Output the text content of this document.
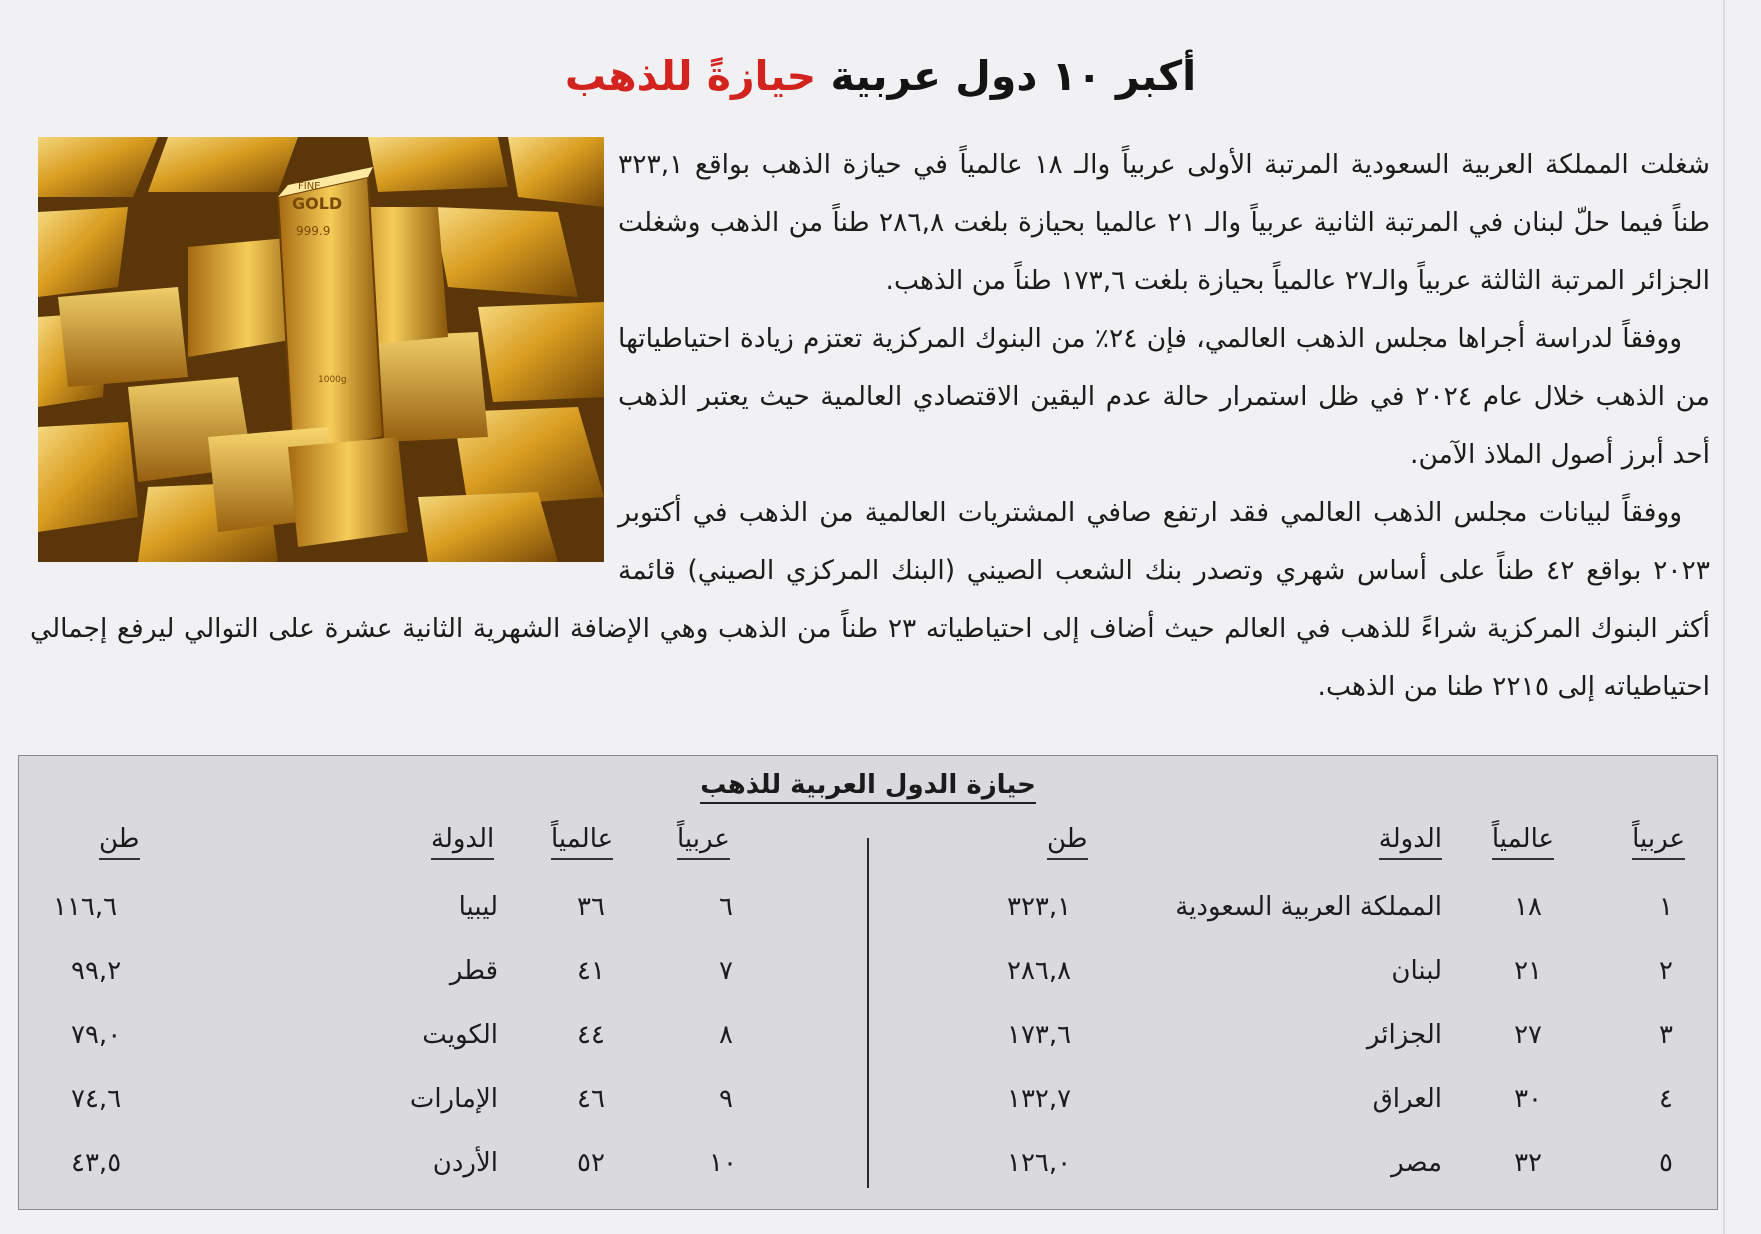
أكبر ١٠ دول عربية حيازةً للذهب
FINE
GOLD
999.9
1000g

شغلت المملكة العربية السعودية المرتبة الأولى عربياً والـ ١٨ عالمياً في حيازة الذهب بواقع ٣٢٣,١ طناً فيما حلّ لبنان في المرتبة الثانية عربياً والـ ٢١ عالميا بحيازة بلغت ٢٨٦,٨ طناً من الذهب وشغلت الجزائر المرتبة الثالثة عربياً والـ٢٧ عالمياً بحيازة بلغت ١٧٣,٦ طناً من الذهب.

ووفقاً لدراسة أجراها مجلس الذهب العالمي، فإن ٢٤٪ من البنوك المركزية تعتزم زيادة احتياطياتها من الذهب خلال عام ٢٠٢٤ في ظل استمرار حالة عدم اليقين الاقتصادي العالمية حيث يعتبر الذهب أحد أبرز أصول الملاذ الآمن.

ووفقاً لبيانات مجلس الذهب العالمي فقد ارتفع صافي المشتريات العالمية من الذهب في أكتوبر ٢٠٢٣ بواقع ٤٢ طناً على أساس شهري وتصدر بنك الشعب الصيني (البنك المركزي الصيني) قائمة أكثر البنوك المركزية شراءً للذهب في العالم حيث أضاف إلى احتياطياته ٢٣ طناً من الذهب وهي الإضافة الشهرية الثانية عشرة على التوالي ليرفع إجمالي احتياطياته إلى ٢٢١٥ طنا من الذهب.

حيازة الدول العربية للذهب
عربياً
عالمياً
الدولة
طن
عربياً
عالمياً
الدولة
طن
١
١٨
المملكة العربية السعودية
٣٢٣,١
٦
٣٦
ليبيا
١١٦,٦
٢
٢١
لبنان
٢٨٦,٨
٧
٤١
قطر
٩٩,٢
٣
٢٧
الجزائر
١٧٣,٦
٨
٤٤
الكويت
٧٩,٠
٤
٣٠
العراق
١٣٢,٧
٩
٤٦
الإمارات
٧٤,٦
٥
٣٢
مصر
١٢٦,٠
١٠
٥٢
الأردن
٤٣,٥
